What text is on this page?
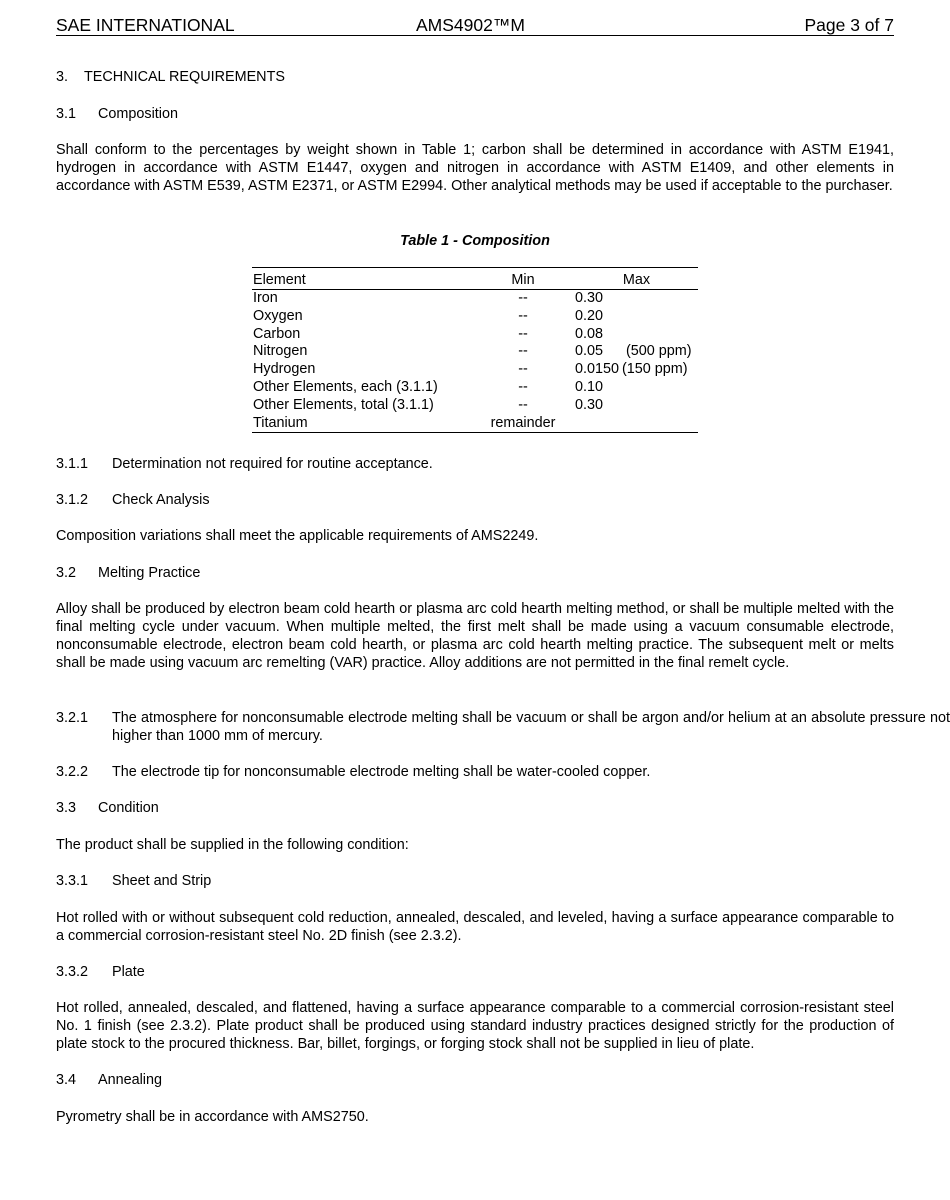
SAE INTERNATIONAL	AMS4902™M	Page 3 of 7
3. TECHNICAL REQUIREMENTS
3.1 Composition
Shall conform to the percentages by weight shown in Table 1; carbon shall be determined in accordance with ASTM E1941, hydrogen in accordance with ASTM E1447, oxygen and nitrogen in accordance with ASTM E1409, and other elements in accordance with ASTM E539, ASTM E2371, or ASTM E2994. Other analytical methods may be used if acceptable to the purchaser.
Table 1 - Composition
Element	Min	Max
Iron	--	0.30
Oxygen	--	0.20
Carbon	--	0.08
Nitrogen	--	0.05 (500 ppm)
Hydrogen	--	0.0150 (150 ppm)
Other Elements, each (3.1.1)	--	0.10
Other Elements, total (3.1.1)	--	0.30
Titanium	remainder
3.1.1 Determination not required for routine acceptance.
3.1.2 Check Analysis
Composition variations shall meet the applicable requirements of AMS2249.
3.2 Melting Practice
Alloy shall be produced by electron beam cold hearth or plasma arc cold hearth melting method, or shall be multiple melted with the final melting cycle under vacuum. When multiple melted, the first melt shall be made using a vacuum consumable electrode, nonconsumable electrode, electron beam cold hearth, or plasma arc cold hearth melting practice. The subsequent melt or melts shall be made using vacuum arc remelting (VAR) practice. Alloy additions are not permitted in the final remelt cycle.
3.2.1 The atmosphere for nonconsumable electrode melting shall be vacuum or shall be argon and/or helium at an absolute pressure not higher than 1000 mm of mercury.
3.2.2 The electrode tip for nonconsumable electrode melting shall be water-cooled copper.
3.3 Condition
The product shall be supplied in the following condition:
3.3.1 Sheet and Strip
Hot rolled with or without subsequent cold reduction, annealed, descaled, and leveled, having a surface appearance comparable to a commercial corrosion-resistant steel No. 2D finish (see 2.3.2).
3.3.2 Plate
Hot rolled, annealed, descaled, and flattened, having a surface appearance comparable to a commercial corrosion-resistant steel No. 1 finish (see 2.3.2). Plate product shall be produced using standard industry practices designed strictly for the production of plate stock to the procured thickness. Bar, billet, forgings, or forging stock shall not be supplied in lieu of plate.
3.4 Annealing
Pyrometry shall be in accordance with AMS2750.
